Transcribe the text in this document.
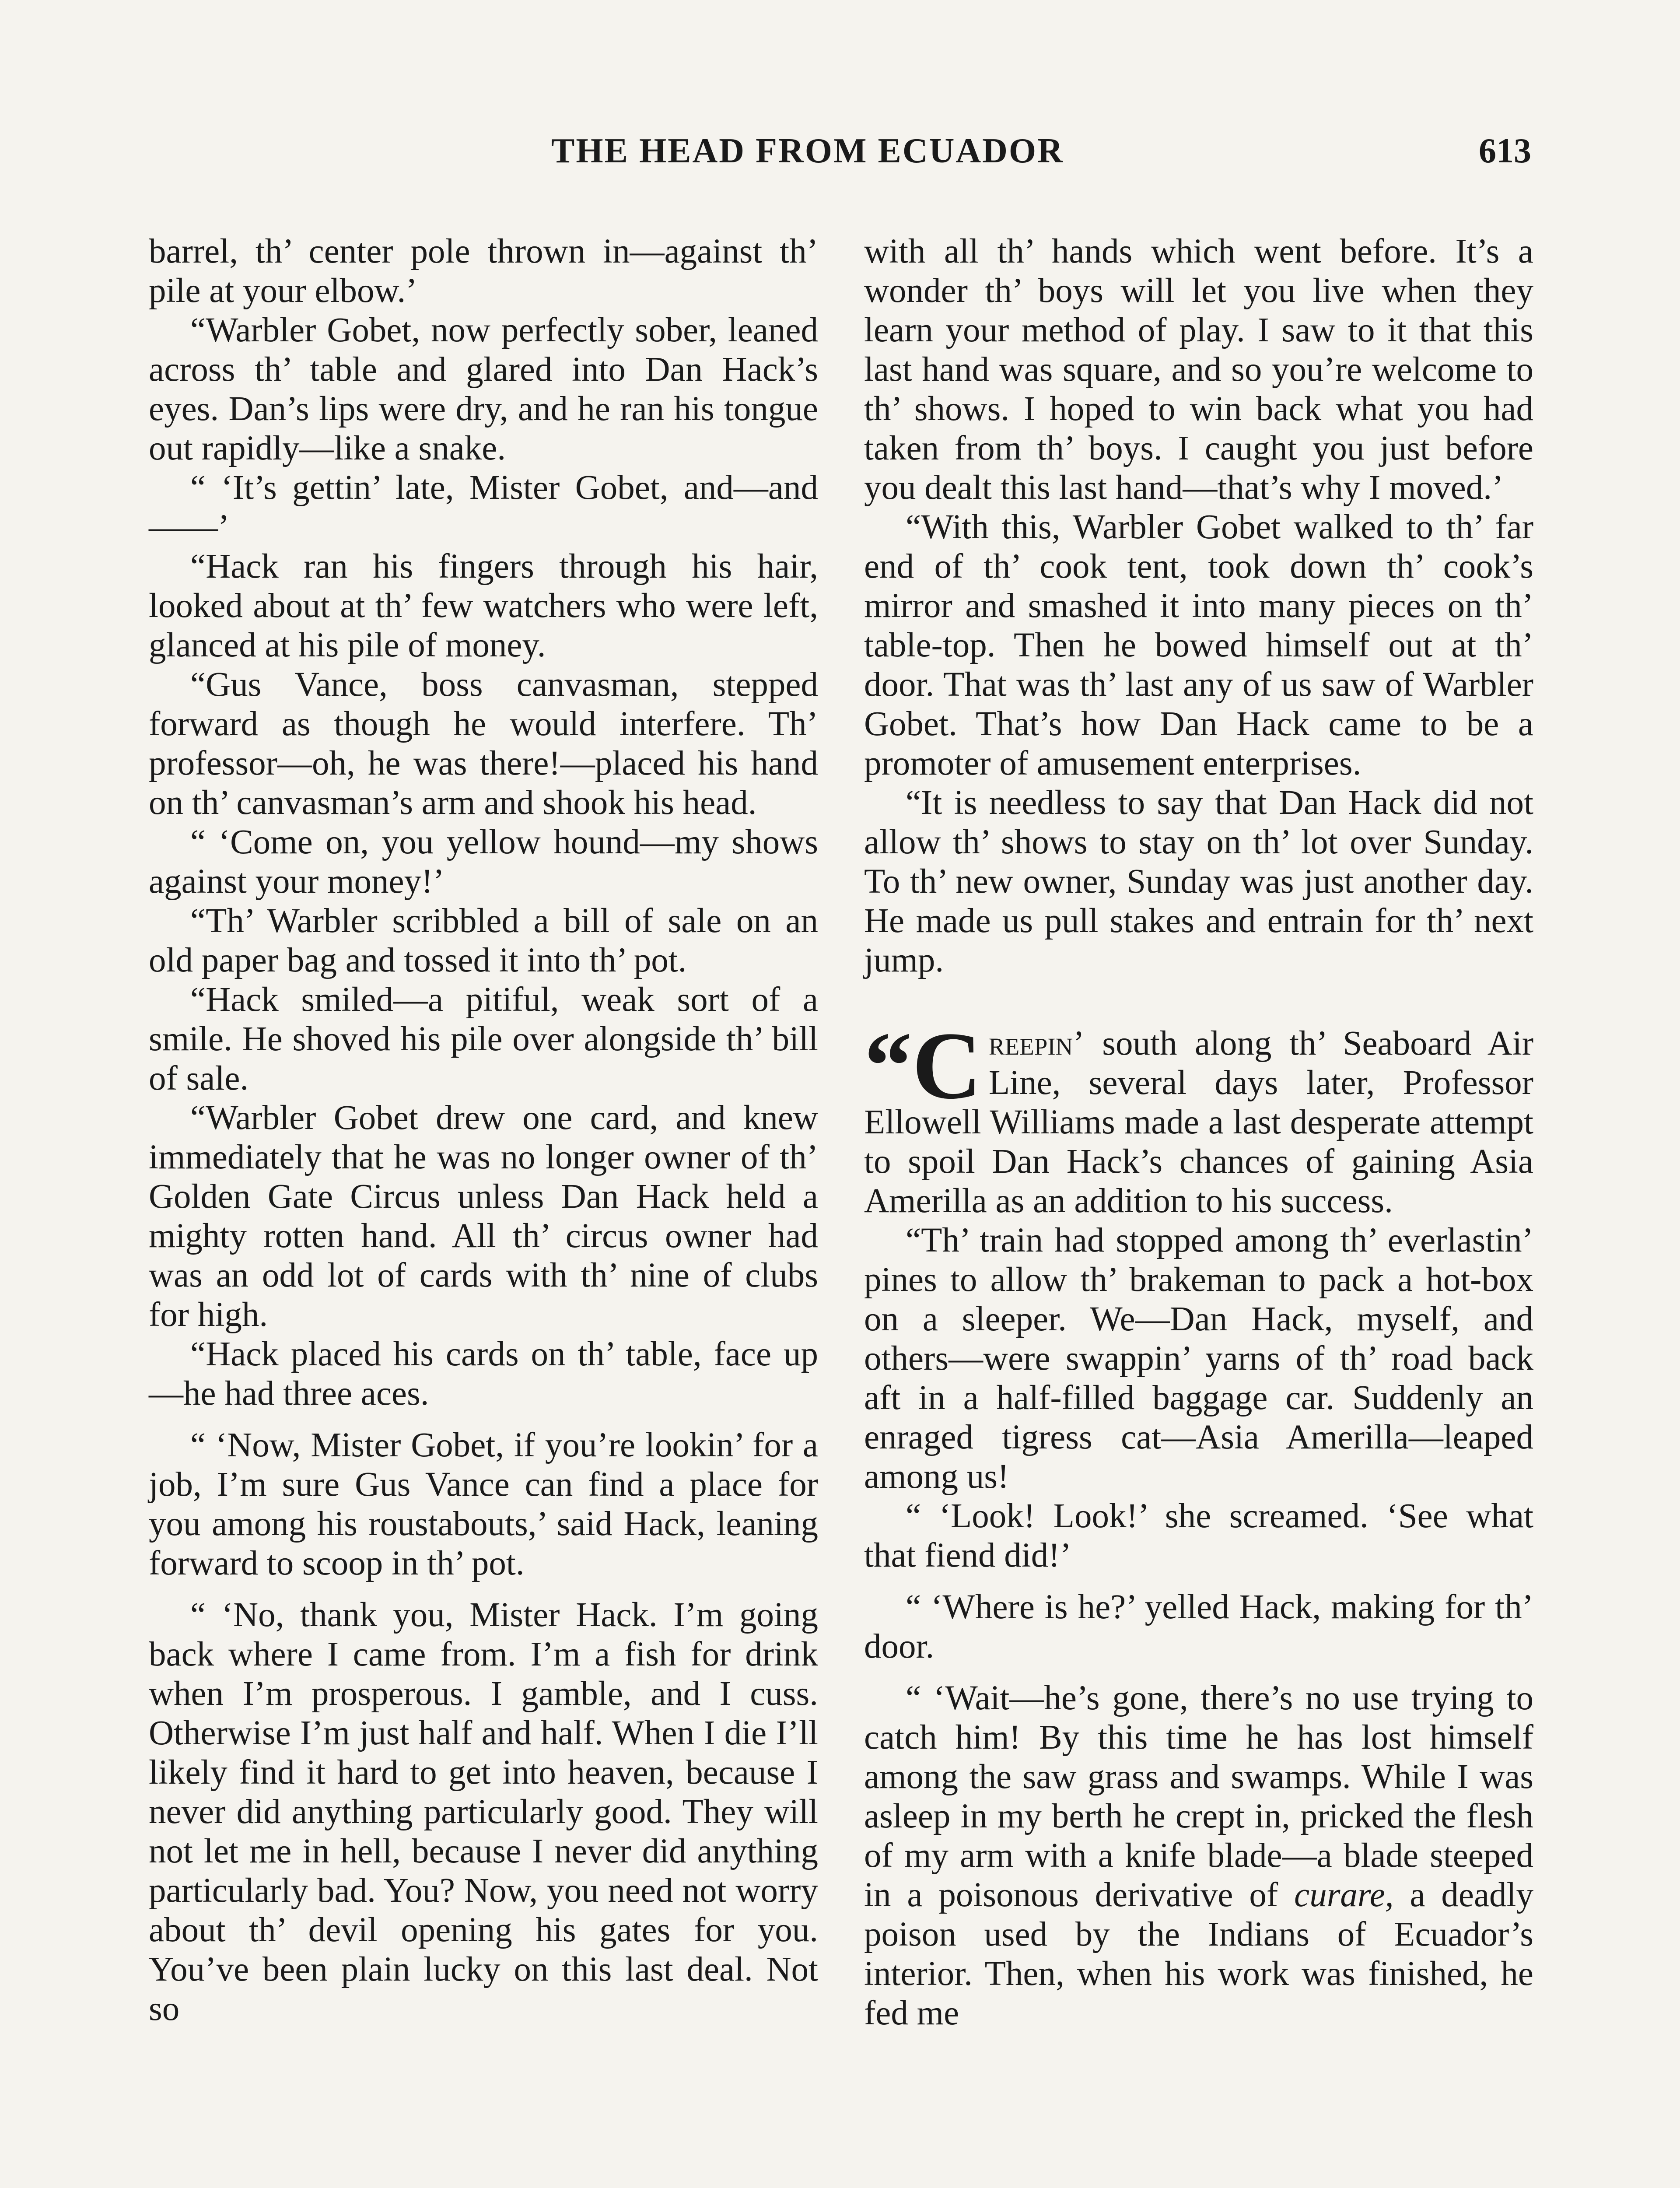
THE HEAD FROM ECUADOR	613

barrel, th’ center pole thrown in—against th’ pile at your elbow.’

“Warbler Gobet, now perfectly sober, leaned across th’ table and glared into Dan Hack’s eyes. Dan’s lips were dry, and he ran his tongue out rapidly—like a snake.

“ ‘It’s gettin’ late, Mister Gobet, and—and——’

“Hack ran his fingers through his hair, looked about at th’ few watchers who were left, glanced at his pile of money.

“Gus Vance, boss canvasman, stepped forward as though he would interfere. Th’ professor—oh, he was there!—placed his hand on th’ canvasman’s arm and shook his head.

“ ‘Come on, you yellow hound—my shows against your money!’

“Th’ Warbler scribbled a bill of sale on an old paper bag and tossed it into th’ pot.

“Hack smiled—a pitiful, weak sort of a smile. He shoved his pile over alongside th’ bill of sale.

“Warbler Gobet drew one card, and knew immediately that he was no longer owner of th’ Golden Gate Circus unless Dan Hack held a mighty rotten hand. All th’ circus owner had was an odd lot of cards with th’ nine of clubs for high.

“Hack placed his cards on th’ table, face up—he had three aces.

“ ‘Now, Mister Gobet, if you’re lookin’ for a job, I’m sure Gus Vance can find a place for you among his roustabouts,’ said Hack, leaning forward to scoop in th’ pot.

“ ‘No, thank you, Mister Hack. I’m going back where I came from. I’m a fish for drink when I’m prosperous. I gamble, and I cuss. Otherwise I’m just half and half. When I die I’ll likely find it hard to get into heaven, because I never did anything particularly good. They will not let me in hell, because I never did anything particularly bad. You? Now, you need not worry about th’ devil opening his gates for you. You’ve been plain lucky on this last deal. Not so

with all th’ hands which went before. It’s a wonder th’ boys will let you live when they learn your method of play. I saw to it that this last hand was square, and so you’re welcome to th’ shows. I hoped to win back what you had taken from th’ boys. I caught you just before you dealt this last hand—that’s why I moved.’

“With this, Warbler Gobet walked to th’ far end of th’ cook tent, took down th’ cook’s mirror and smashed it into many pieces on th’ table-top. Then he bowed himself out at th’ door. That was th’ last any of us saw of Warbler Gobet. That’s how Dan Hack came to be a promoter of amusement enterprises.

“It is needless to say that Dan Hack did not allow th’ shows to stay on th’ lot over Sunday. To th’ new owner, Sunday was just another day. He made us pull stakes and entrain for th’ next jump.

“C reepin’ south along th’ Seaboard Air Line, several days later, Professor Ellowell Williams made a last desperate attempt to spoil Dan Hack’s chances of gaining Asia Amerilla as an addition to his success.

“Th’ train had stopped among th’ everlastin’ pines to allow th’ brakeman to pack a hot-box on a sleeper. We—Dan Hack, myself, and others—were swappin’ yarns of th’ road back aft in a half-filled baggage car. Suddenly an enraged tigress cat—Asia Amerilla—leaped among us!

“ ‘Look! Look!’ she screamed. ‘See what that fiend did!’

“ ‘Where is he?’ yelled Hack, making for th’ door.

“ ‘Wait—he’s gone, there’s no use trying to catch him! By this time he has lost himself among the saw grass and swamps. While I was asleep in my berth he crept in, pricked the flesh of my arm with a knife blade—a blade steeped in a poisonous derivative of curare, a deadly poison used by the Indians of Ecuador’s interior. Then, when his work was finished, he fed me
